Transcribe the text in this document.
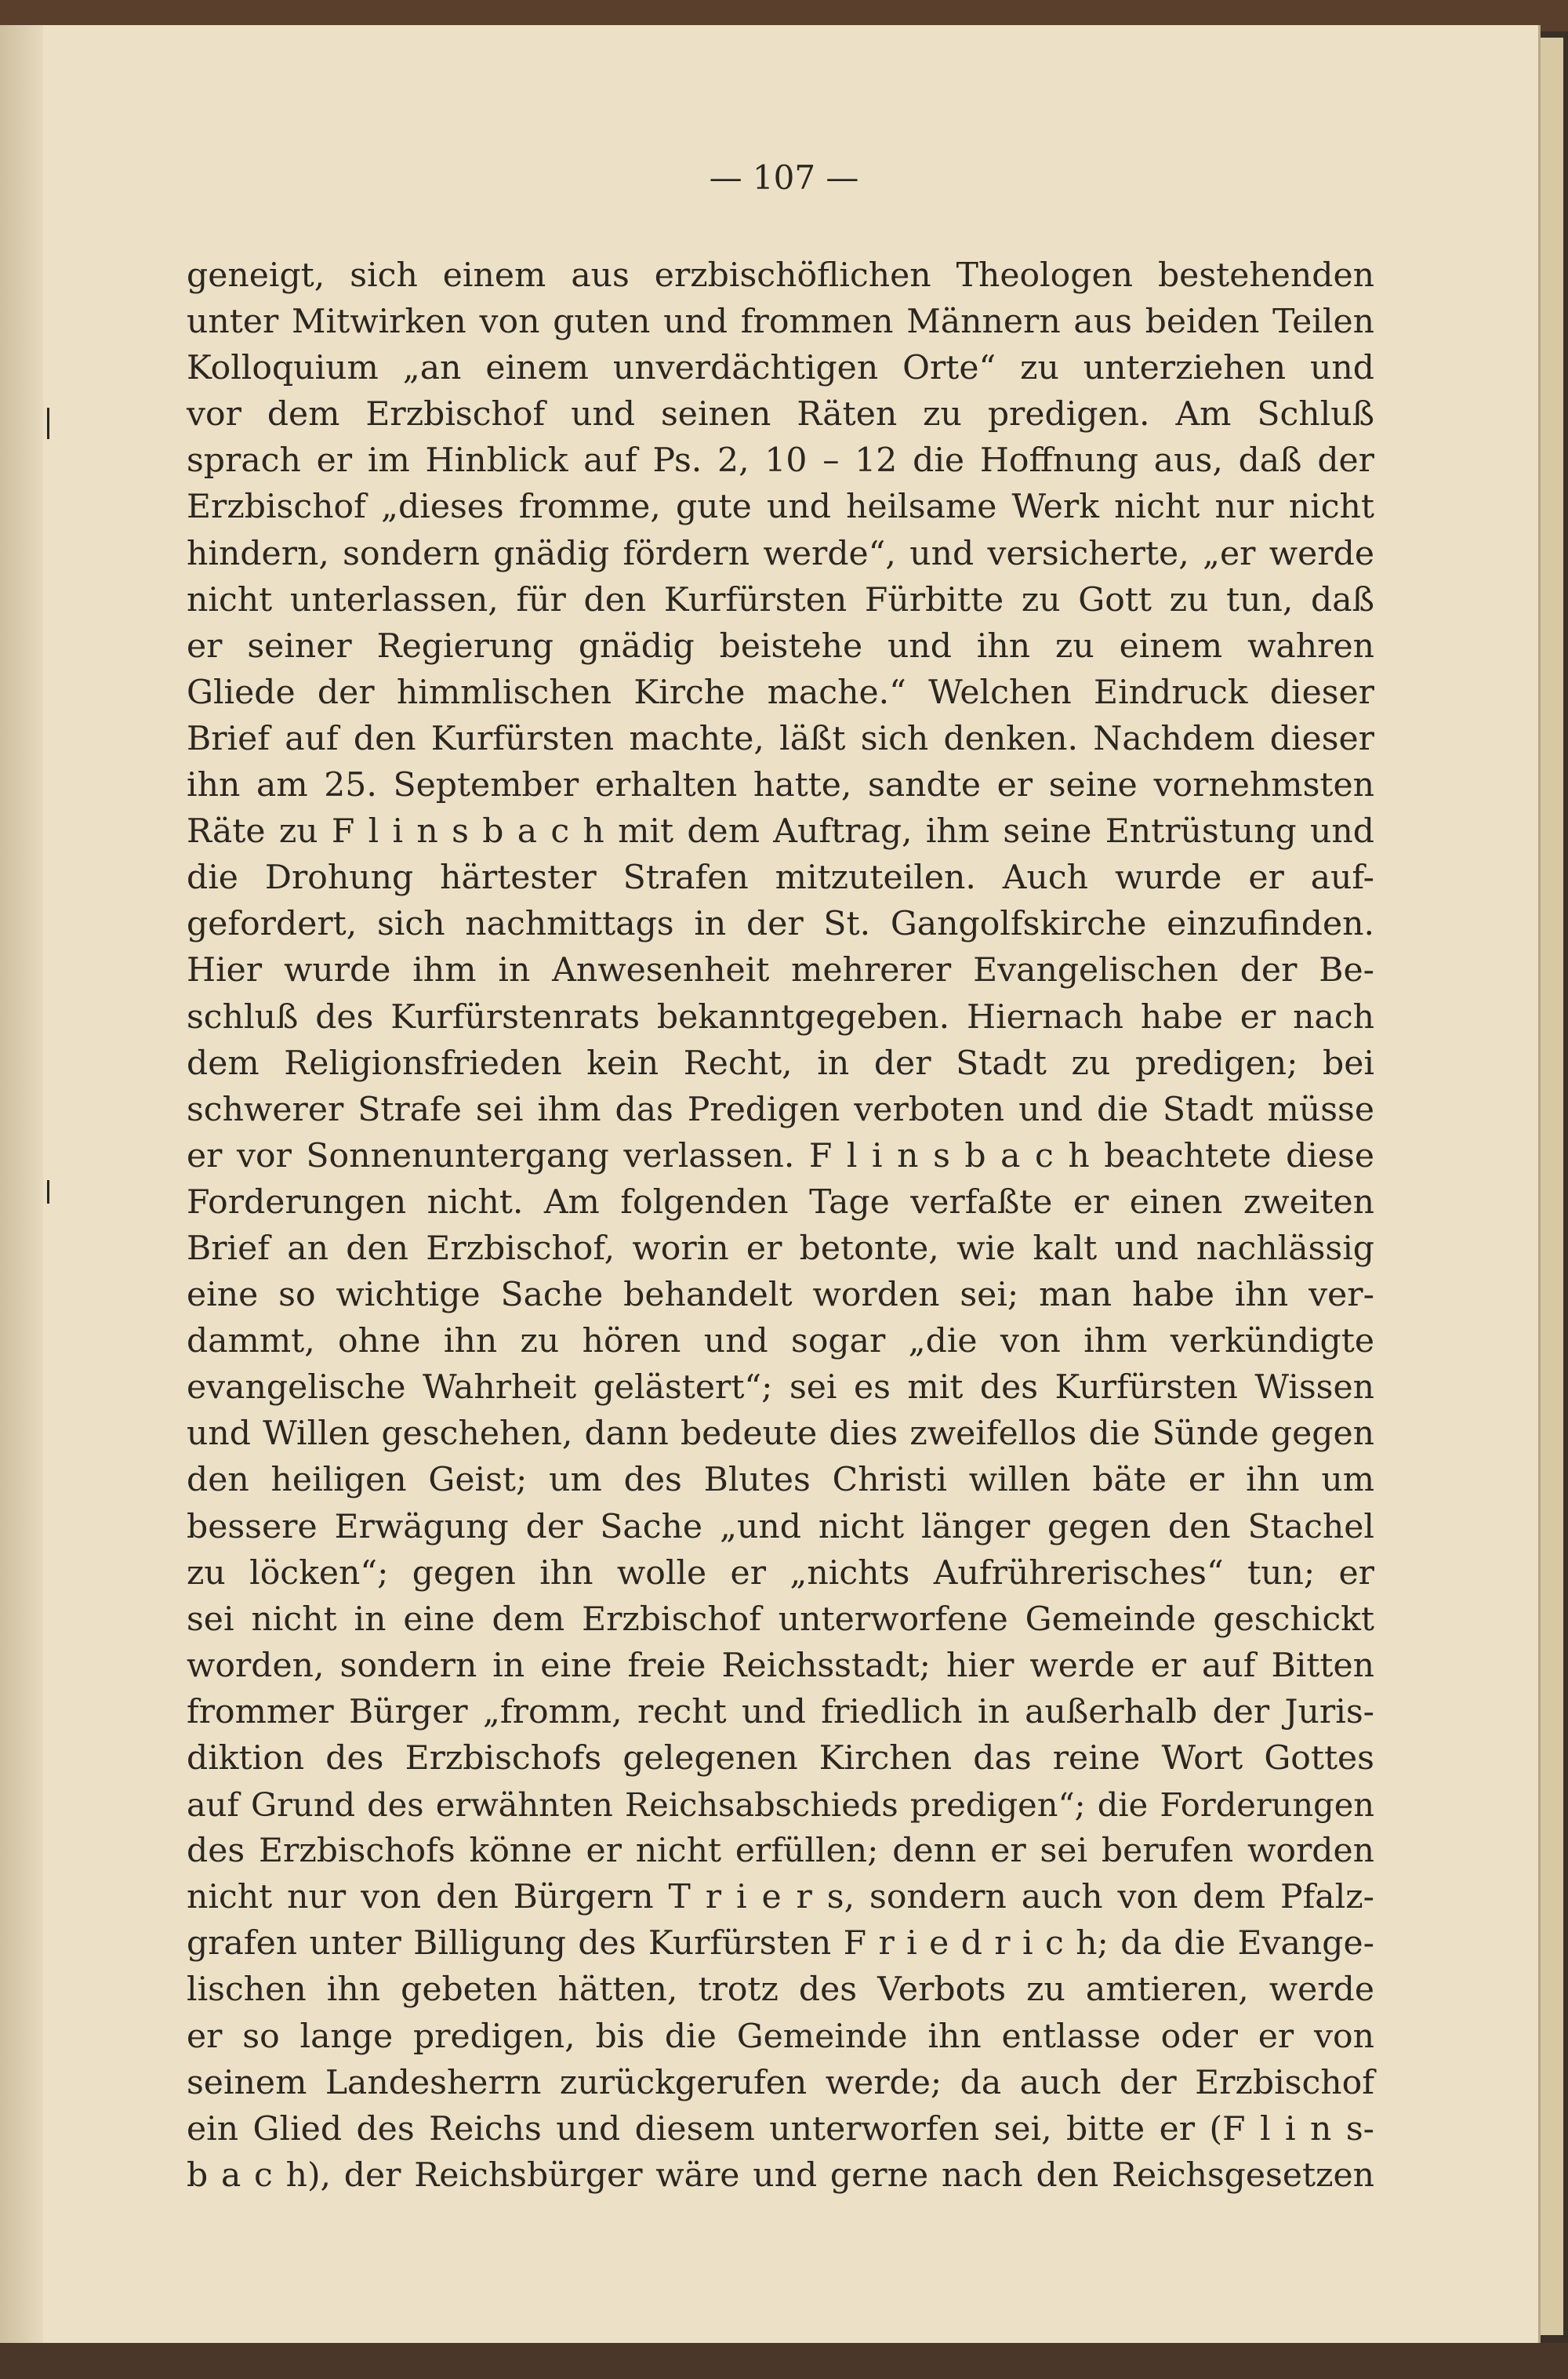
— 107 —
geneigt, sich einem aus erzbischöflichen Theologen bestehenden
unter Mitwirken von guten und frommen Männern aus beiden Teilen
Kolloquium „an einem unverdächtigen Orte“ zu unterziehen und
vor dem Erzbischof und seinen Räten zu predigen. Am Schluß
sprach er im Hinblick auf Ps. 2, 10 – 12 die Hoffnung aus, daß der
Erzbischof „dieses fromme, gute und heilsame Werk nicht nur nicht
hindern, sondern gnädig fördern werde“, und versicherte, „er werde
nicht unterlassen, für den Kurfürsten Fürbitte zu Gott zu tun, daß
er seiner Regierung gnädig beistehe und ihn zu einem wahren
Gliede der himmlischen Kirche mache.“ Welchen Eindruck dieser
Brief auf den Kurfürsten machte, läßt sich denken. Nachdem dieser
ihn am 25. September erhalten hatte, sandte er seine vornehmsten
Räte zu F l i n s b a c h mit dem Auftrag, ihm seine Entrüstung und
die Drohung härtester Strafen mitzuteilen. Auch wurde er auf-
gefordert, sich nachmittags in der St. Gangolfskirche einzufinden.
Hier wurde ihm in Anwesenheit mehrerer Evangelischen der Be-
schluß des Kurfürstenrats bekanntgegeben. Hiernach habe er nach
dem Religionsfrieden kein Recht, in der Stadt zu predigen; bei
schwerer Strafe sei ihm das Predigen verboten und die Stadt müsse
er vor Sonnenuntergang verlassen. F l i n s b a c h beachtete diese
Forderungen nicht. Am folgenden Tage verfaßte er einen zweiten
Brief an den Erzbischof, worin er betonte, wie kalt und nachlässig
eine so wichtige Sache behandelt worden sei; man habe ihn ver-
dammt, ohne ihn zu hören und sogar „die von ihm verkündigte
evangelische Wahrheit gelästert“; sei es mit des Kurfürsten Wissen
und Willen geschehen, dann bedeute dies zweifellos die Sünde gegen
den heiligen Geist; um des Blutes Christi willen bäte er ihn um
bessere Erwägung der Sache „und nicht länger gegen den Stachel
zu löcken“; gegen ihn wolle er „nichts Aufrührerisches“ tun; er
sei nicht in eine dem Erzbischof unterworfene Gemeinde geschickt
worden, sondern in eine freie Reichsstadt; hier werde er auf Bitten
frommer Bürger „fromm, recht und friedlich in außerhalb der Juris-
diktion des Erzbischofs gelegenen Kirchen das reine Wort Gottes
auf Grund des erwähnten Reichsabschieds predigen“; die Forderungen
des Erzbischofs könne er nicht erfüllen; denn er sei berufen worden
nicht nur von den Bürgern T r i e r s, sondern auch von dem Pfalz-
grafen unter Billigung des Kurfürsten F r i e d r i c h; da die Evange-
lischen ihn gebeten hätten, trotz des Verbots zu amtieren, werde
er so lange predigen, bis die Gemeinde ihn entlasse oder er von
seinem Landesherrn zurückgerufen werde; da auch der Erzbischof
ein Glied des Reichs und diesem unterworfen sei, bitte er (F l i n s-
b a c h), der Reichsbürger wäre und gerne nach den Reichsgesetzen
